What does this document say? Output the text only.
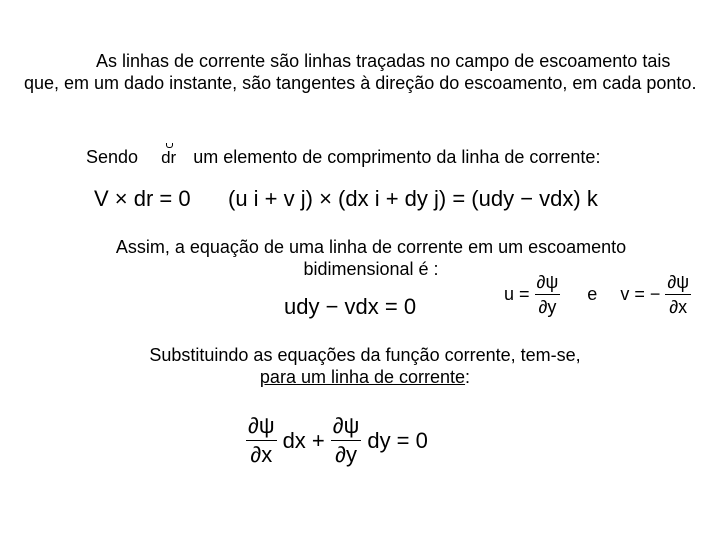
As linhas de corrente são linhas traçadas no campo de escoamento tais que, em um dado instante, são tangentes à direção do escoamento, em cada ponto.
Sendo dr um elemento de comprimento da linha de corrente:
V × dr = 0 (u i + v j) × (dx i + dy j) = (udy − vdx) k
Assim, a equação de uma linha de corrente em um escoamento
bidimensional é :
udy − vdx = 0	$u = \frac{\partial\psi}{\partial y}$ e v = − $\frac{\partial\psi}{\partial x}$
Substituindo as equações da função corrente, tem-se,
para um linha de corrente:
$\frac{\partial\psi}{\partial x}$ dx + $\frac{\partial\psi}{\partial y}$ dy = 0
